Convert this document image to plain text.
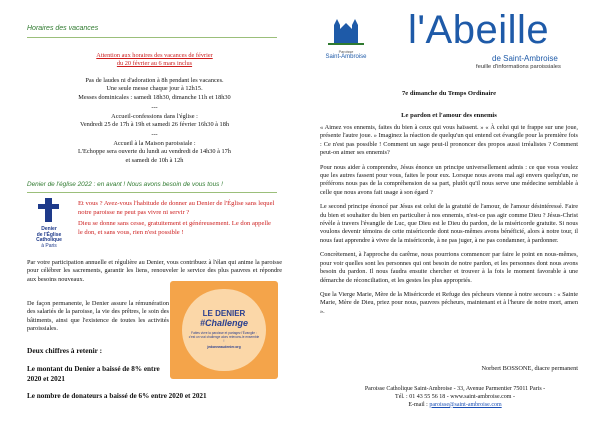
Horaires des vacances
Attention aux horaires des vacances de février
du 20 février au 6 mars inclus
Pas de laudes ni d'adoration à 8h pendant les vacances.
Une seule messe chaque jour à 12h15.
Messes dominicales : samedi 18h30, dimanche 11h et 18h30
---
Accueil-confessions dans l'église :
Vendredi 25 de 17h à 19h et samedi 26 février 16h30 à 18h
---
Accueil à la Maison paroissiale :
L'Echoppe sera ouverte du lundi au vendredi de 14h30 à 17h
et samedi de 10h à 12h
Denier de l'église 2022 : en avant ! Nous avons besoin de vous tous !
Denier
de l'Église
Catholique
à Paris

Et vous ? Avez-vous l'habitude de donner au Denier de l'Église sans lequel notre paroisse ne peut pas vivre ni servir ?

Dieu se donne sans cesse, gratuitement et généreusement. Le don appelle le don, et sans vous, rien n'est possible !

Par votre participation annuelle et régulière au Denier, vous contribuez à l'élan qui anime la paroisse pour célébrer les sacrements, garantir les liens, renouveler le service des plus pauvres et répondre aux besoins nouveaux.
De façon permanente, le Denier assure la rémunération des salariés de la paroisse, la vie des prêtres, le soin des bâtiments, ainsi que l'existence de toutes les activités paroissiales.
LE DENIER
#Challenge
Faites vivre la paroisse et partagez l'Évangile : c'est un vrai challenge alors relevons-le ensemble !
jedonneaudenier.org
Deux chiffres à retenir :
Le montant du Denier a baissé de 8% entre 2020 et 2021
Le nombre de donateurs a baissé de 6% entre 2020 et 2021
Paroisse
Saint-Ambroise
l'Abeille
de Saint-Ambroise
feuille d'informations paroissiales
7e dimanche du Temps Ordinaire
Le pardon et l'amour des ennemis

« Aimez vos ennemis, faites du bien à ceux qui vous haïssent. » « À celui qui te frappe sur une joue, présente l'autre joue. » Imaginez la réaction de quelqu'un qui entend cet évangile pour la première fois : Ce n'est pas possible ! Comment un sage peut-il prononcer des propos aussi irréalistes ? Comment peut-on aimer ses ennemis?

Pour nous aider à comprendre, Jésus énonce un principe universellement admis : ce que vous voulez que les autres fassent pour vous, faites le pour eux. Lorsque nous avons mal agi envers quelqu'un, ne préférons nous pas de la compréhension de sa part, plutôt qu'il nous serve une médecine semblable à celle que nous avons fait usage à son égard ?

Le second principe énoncé par Jésus est celui de la gratuité de l'amour, de l'amour désintéressé. Faire du bien et souhaiter du bien en particulier à nos ennemis, n'est-ce pas agir comme Dieu ? Jésus-Christ révèle à travers l'évangile de Luc, que Dieu est le Dieu du pardon, de la miséricorde gratuite. Si nous voulons devenir témoins de cette miséricorde dont nous-mêmes avons bénéficié, alors à notre tour, il nous faut apprendre à vivre de la miséricorde, à ne pas juger, à ne pas condamner, à pardonner.

Concrètement, à l'approche du carême, nous pourrions commencer par faire le point en nous-mêmes, pour voir quelles sont les personnes qui ont besoin de notre pardon, et les personnes dont nous avons besoin du pardon. Il nous faudra ensuite chercher et trouver à la fois le moment favorable à une démarche de réconciliation, et les gestes les plus appropriés.

Que la Vierge Marie, Mère de la Miséricorde et Refuge des pécheurs vienne à notre secours : « Sainte Marie, Mère de Dieu, priez pour nous, pauvres pécheurs, maintenant et à l'heure de notre mort, amen ».

Norbert BOSSONE, diacre permanent
Paroisse Catholique Saint-Ambroise - 33, Avenue Parmentier 75011 Paris -
Tél. : 01 43 55 56 18 - www.saint-ambroise.com -
E-mail : paroisse@saint-ambroise.com
